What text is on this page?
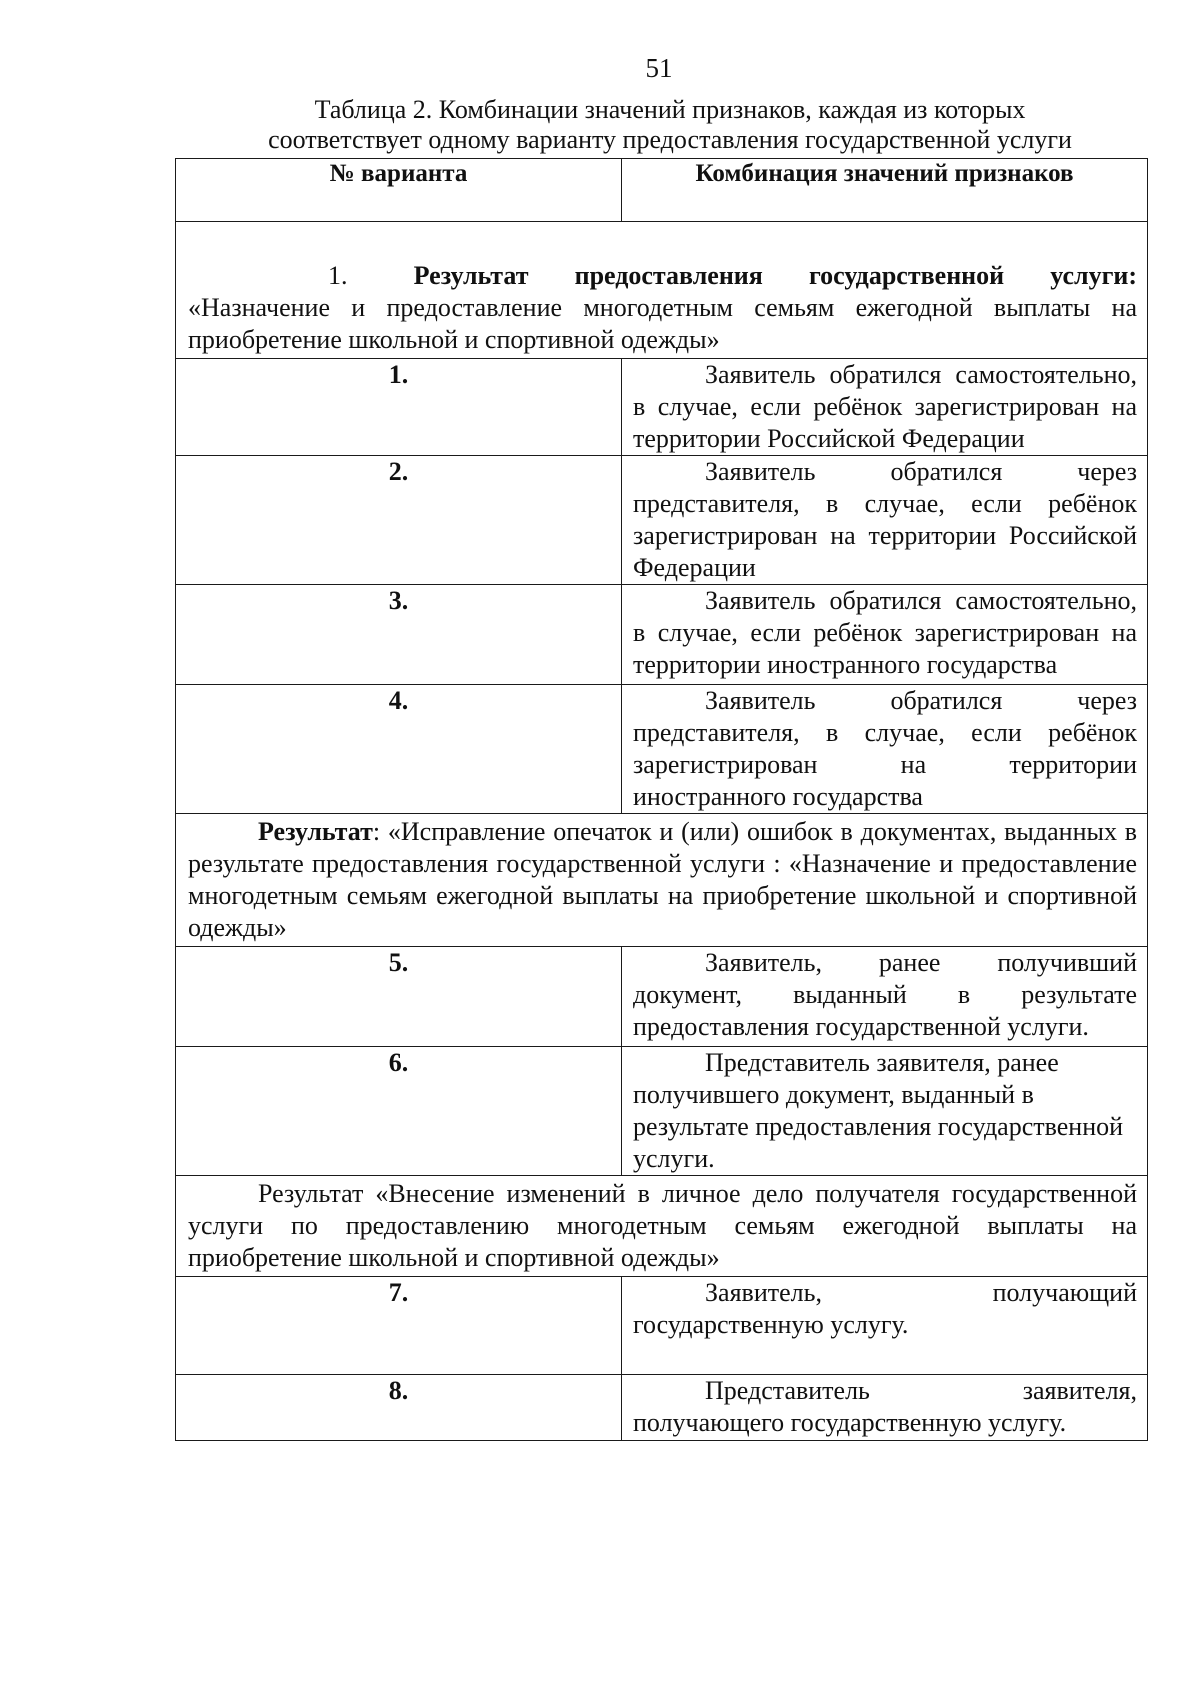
51
Таблица 2. Комбинации значений признаков, каждая из которых
соответствует одному варианту предоставления государственной услуги
№ варианта	Комбинация значений признаков

1. Результат предоставления государственной услуги:
«Назначение и предоставление многодетным семьям ежегодной выплаты на приобретение школьной и спортивной одежды»	

1.	Заявитель обратился самостоятельно, в случае, если ребёнок зарегистрирован на территории Российской Федерации

2.	Заявитель обратился через представителя, в случае, если ребёнок зарегистрирован на территории Российской Федерации

3.	Заявитель обратился самостоятельно, в случае, если ребёнок зарегистрирован на территории иностранного государства

4.	Заявитель обратился через представителя, в случае, если ребёнок зарегистрирован на территории иностранного государства

Результат: «Исправление опечаток и (или) ошибок в документах, выданных в результате предоставления государственной услуги : «Назначение и предоставление многодетным семьям ежегодной выплаты на приобретение школьной и спортивной одежды»	

5.	Заявитель, ранее получивший документ, выданный в результате предоставления государственной услуги.

6.	Представитель заявителя, ранее получившего документ, выданный в результате предоставления государственной услуги.

Результат «Внесение изменений в личное дело получателя государственной услуги по предоставлению многодетным семьям ежегодной выплаты на приобретение школьной и спортивной одежды»	

7.	Заявитель, получающий государственную услугу.

8.	Представитель заявителя, получающего государственную услугу.
